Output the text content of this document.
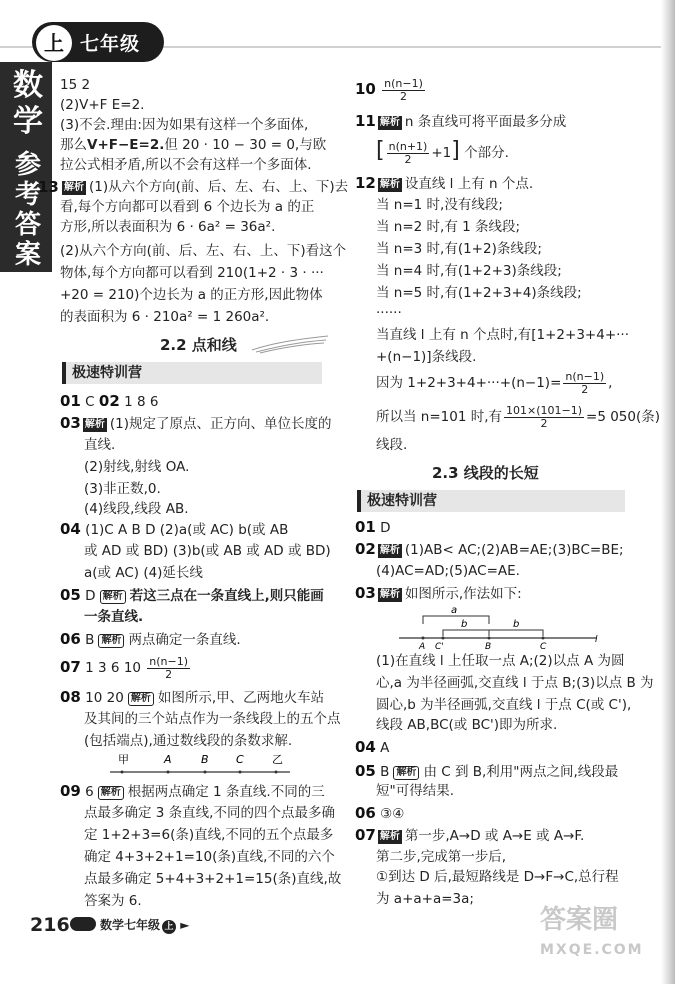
上 七年级
数学
参考答案
15 2
(2)V+F E=2.
(3)不会.理由:因为如果有这样一个多面体,
那么V+F−E=2.但 20 · 10 − 30 = 0,与欧
拉公式相矛盾,所以不会有这样一个多面体.
13 解析 (1)从六个方向(前、后、左、右、上、下)去
看,每个方向都可以看到 6 个边长为 a 的正
方形,所以表面积为 6 · 6a² = 36a².
(2)从六个方向(前、后、左、右、上、下)看这个
物体,每个方向都可以看到 210(1+2 · 3 · ···
+20 = 210)个边长为 a 的正方形,因此物体
的表面积为 6 · 210a² = 1 260a².
2.2 点和线
极速特训营
01 C 02 1 8 6
03 解析 (1)规定了原点、正方向、单位长度的
直线.
(2)射线,射线 OA.
(3)非正数,0.
(4)线段,线段 AB.
04 (1)C A B D (2)a(或 AC) b(或 AB
或 AD 或 BD) (3)b(或 AB 或 AD 或 BD)
a(或 AC) (4)延长线
05 D 解析 若这三点在一条直线上,则只能画
一条直线.
06 B 解析 两点确定一条直线.
07 1 3 6 $10 \frac{n(n-1)}{2}$
08 10 20 解析 如图所示,甲、乙两地火车站
及其间的三个站点作为一条线段上的五个点
(包括端点),通过数线段的条数求解.
甲	A	B C	乙
09 6 解析 根据两点确定 1 条直线.不同的三
点最多确定 3 条直线,不同的四个点最多确
定 1+2+3=6(条)直线,不同的五个点最多
确定 4+3+2+1=10(条)直线,不同的六个
点最多确定 5+4+3+2+1=15(条)直线,故
答案为 6.
$10 \frac{n(n-1)}{2}$
11 解析 n 条直线可将平面最多分成
[ $\frac{n(n+1)}{2} +1$] 个部分.
12 解析 设直线 l 上有 n 个点.
当 n=1 时,没有线段;
当 n=2 时,有 1 条线段;
当 n=3 时,有(1+2)条线段;
当 n=4 时,有(1+2+3)条线段;
当 n=5 时,有(1+2+3+4)条线段;
······
当直线 l 上有 n 个点时,有[1+2+3+4+···
+(n−1)]条线段.
因为 $1+2+3+4+\cdot\cdot\cdot+(n-1)= \frac{n(n-1)}{2}$ ,
所以当 n=101 时,有 $\frac{101\times(101-1)}{2} =5$ 050(条)
线段.
2.3 线段的长短
极速特训营
01 D
02 解析 (1)AB< AC;(2)AB=AE;(3)BC=BE;
(4)AC=AD;(5)AC=AE.
03 解析 如图所示,作法如下:
a
b	b
A C'	B	C
l
(1)在直线 l 上任取一点 A;(2)以点 A 为圆
心,a 为半径画弧,交直线 l 于点 B;(3)以点 B 为
圆心,b 为半径画弧,交直线 l 于点 C(或 C'),
线段 AB,BC(或 BC')即为所求.
04 A
05 B 解析 由 C 到 B,利用"两点之间,线段最
短"可得结果.
06 ③④
07 解析 第一步,A→D 或 A→E 或 A→F.
第二步,完成第一步后,
①到达 D 后,最短路线是 D→F→C,总行程
为 a+a+a=3a;
216	数学七年级 上 ►	答案圈
MXQE.COM
